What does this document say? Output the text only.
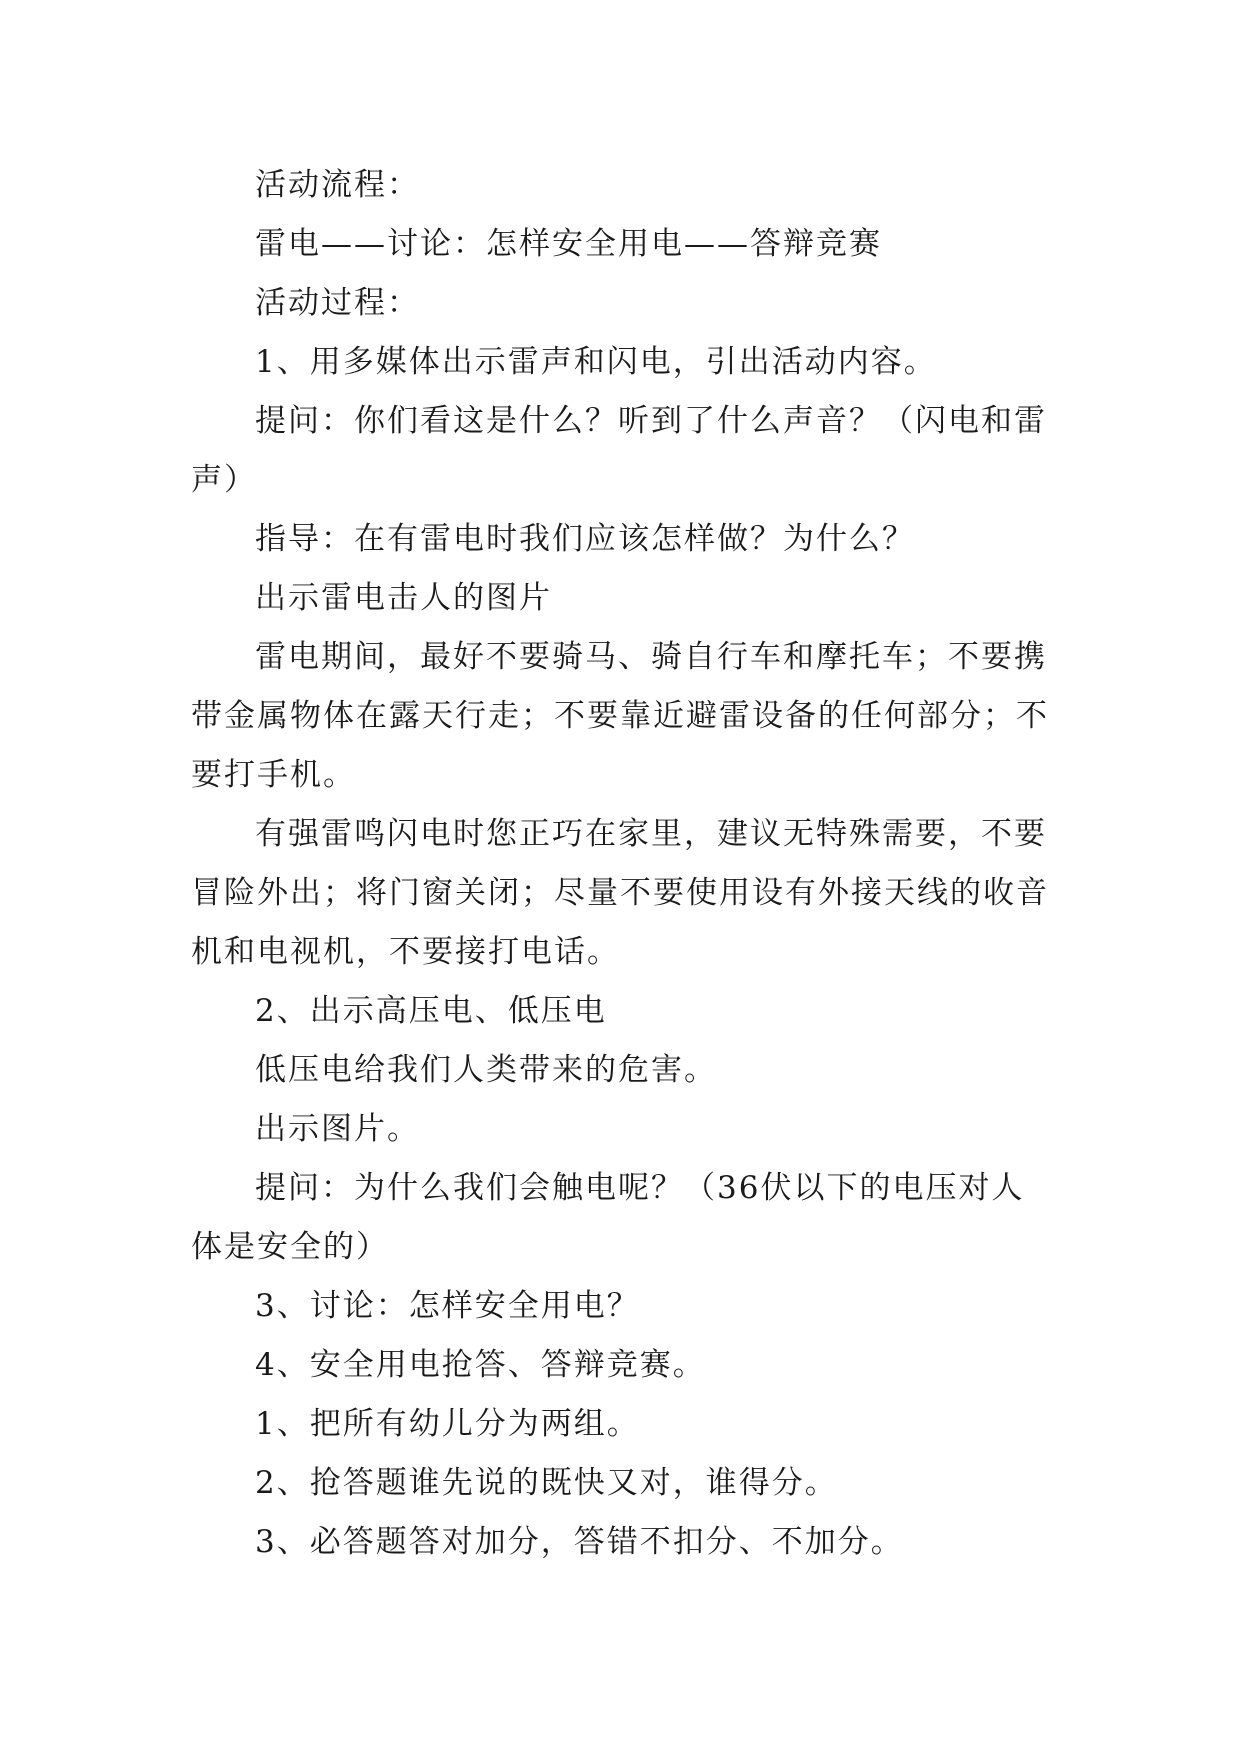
活动流程：

雷电——讨论：怎样安全用电——答辩竞赛

活动过程：

1、用多媒体出示雷声和闪电，引出活动内容。

提问：你们看这是什么？听到了什么声音？（闪电和雷声）

指导：在有雷电时我们应该怎样做？为什么？

出示雷电击人的图片

雷电期间，最好不要骑马、骑自行车和摩托车；不要携带金属物体在露天行走；不要靠近避雷设备的任何部分；不要打手机。

有强雷鸣闪电时您正巧在家里，建议无特殊需要，不要冒险外出；将门窗关闭；尽量不要使用设有外接天线的收音机和电视机，不要接打电话。

2、出示高压电、低压电

低压电给我们人类带来的危害。

出示图片。

提问：为什么我们会触电呢？（36伏以下的电压对人体是安全的）

3、讨论：怎样安全用电？

4、安全用电抢答、答辩竞赛。

1、把所有幼儿分为两组。

2、抢答题谁先说的既快又对，谁得分。

3、必答题答对加分，答错不扣分、不加分。
